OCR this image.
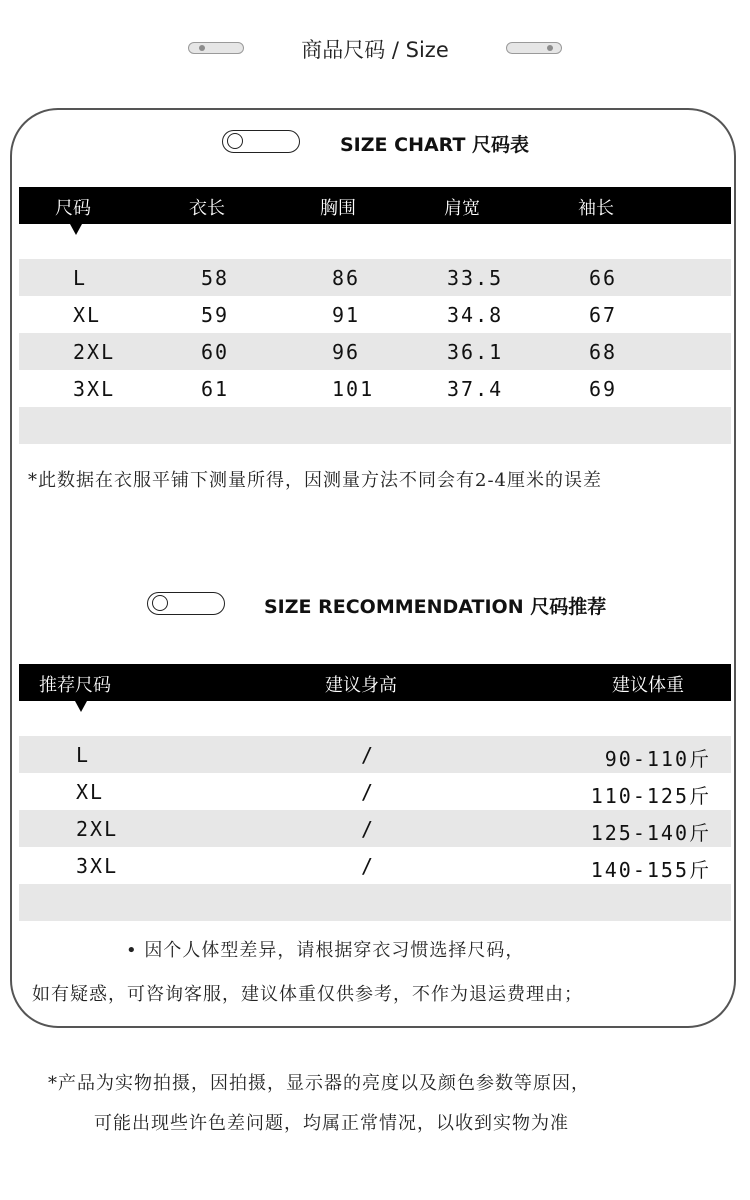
商品尺码 / Size
SIZE CHART 尺码表
尺码	衣长	胸围	肩宽	袖长
L	58	86	33.5	66
XL	59	91	34.8	67
2XL	60	96	36.1	68
3XL	61	101	37.4	69
*此数据在衣服平铺下测量所得，因测量方法不同会有2-4厘米的误差
SIZE RECOMMENDATION 尺码推荐
推荐尺码	建议身高	建议体重
L	/	90-110斤
XL	/	110-125斤
2XL	/	125-140斤
3XL	/	140-155斤
• 因个人体型差异，请根据穿衣习惯选择尺码，
如有疑惑，可咨询客服，建议体重仅供参考，不作为退运费理由；
*产品为实物拍摄，因拍摄，显示器的亮度以及颜色参数等原因，
可能出现些许色差问题，均属正常情况，以收到实物为准
